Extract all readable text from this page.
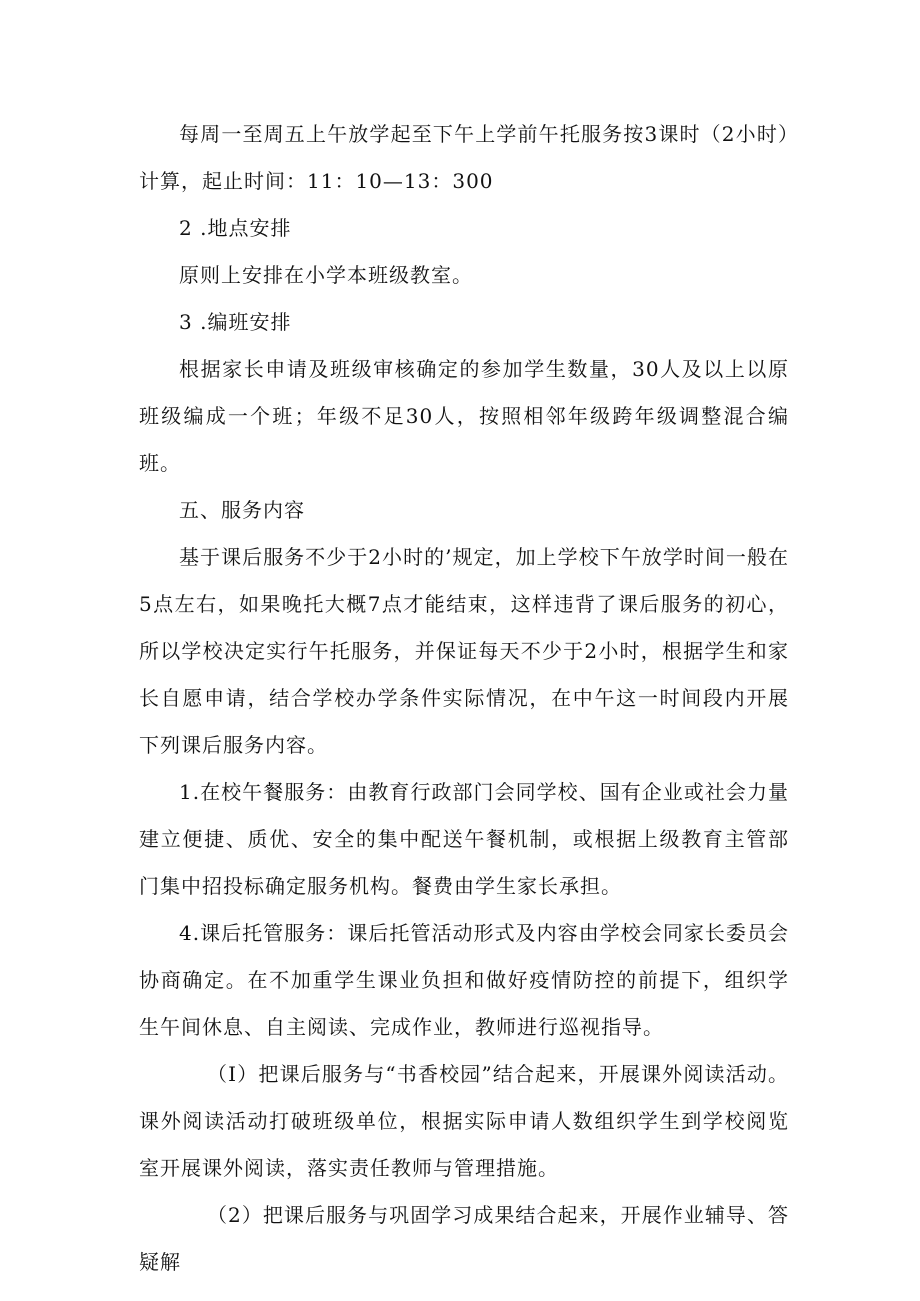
每周一至周五上午放学起至下午上学前午托服务按3课时（2小时）计算，起止时间：11：10—13：300

2 .地点安排

原则上安排在小学本班级教室。

3 .编班安排

根据家长申请及班级审核确定的参加学生数量，30人及以上以原班级编成一个班；年级不足30人，按照相邻年级跨年级调整混合编班。

五、服务内容

基于课后服务不少于2小时的’规定，加上学校下午放学时间一般在5点左右，如果晚托大概7点才能结束，这样违背了课后服务的初心，所以学校决定实行午托服务，并保证每天不少于2小时，根据学生和家长自愿申请，结合学校办学条件实际情况，在中午这一时间段内开展下列课后服务内容。

1.在校午餐服务：由教育行政部门会同学校、国有企业或社会力量建立便捷、质优、安全的集中配送午餐机制，或根据上级教育主管部门集中招投标确定服务机构。餐费由学生家长承担。

4.课后托管服务：课后托管活动形式及内容由学校会同家长委员会协商确定。在不加重学生课业负担和做好疫情防控的前提下，组织学生午间休息、自主阅读、完成作业，教师进行巡视指导。

（I）把课后服务与“书香校园”结合起来，开展课外阅读活动。课外阅读活动打破班级单位，根据实际申请人数组织学生到学校阅览室开展课外阅读，落实责任教师与管理措施。

（2）把课后服务与巩固学习成果结合起来，开展作业辅导、答疑解
